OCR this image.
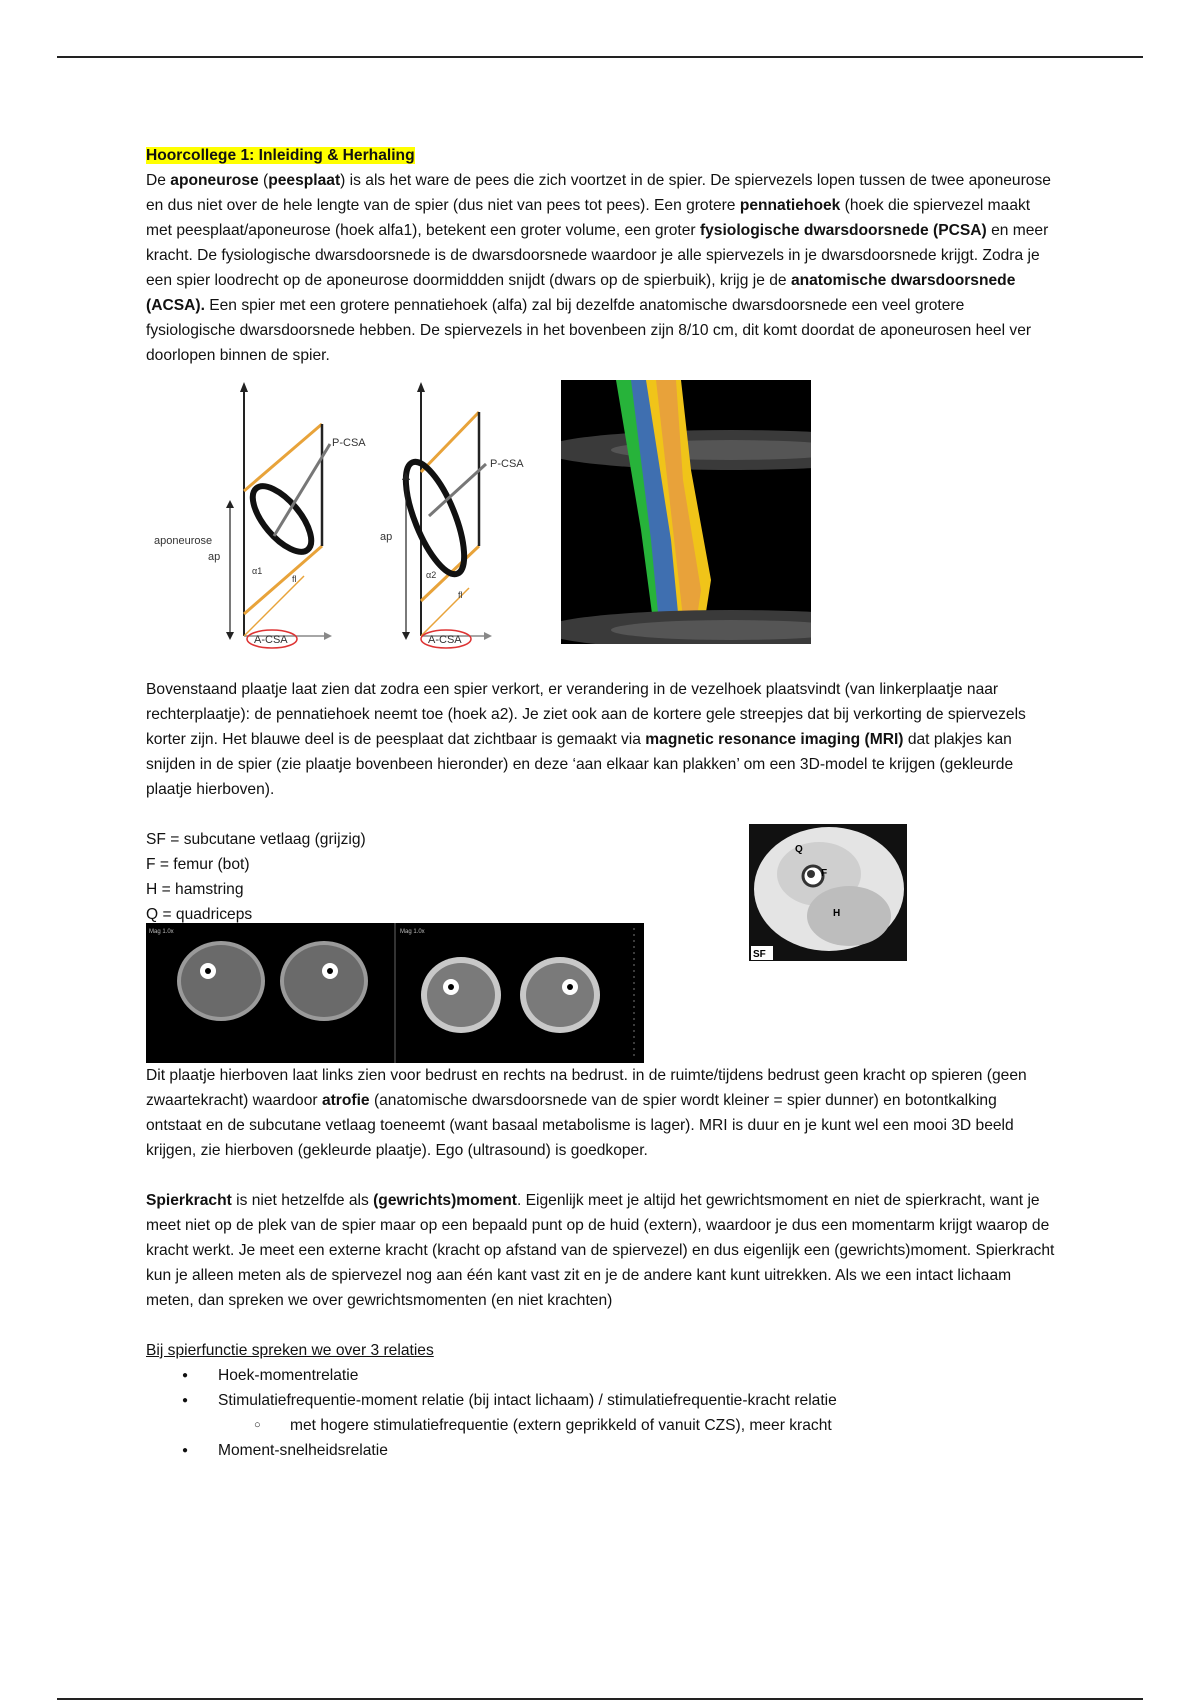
Hoorcollege 1: Inleiding & Herhaling

De aponeurose (peesplaat) is als het ware de pees die zich voortzet in de spier. De spiervezels lopen tussen de twee aponeurose en dus niet over de hele lengte van de spier (dus niet van pees tot pees). Een grotere pennatiehoek (hoek die spiervezel maakt met peesplaat/aponeurose (hoek alfa1), betekent een groter volume, een groter fysiologische dwarsdoorsnede (PCSA) en meer kracht. De fysiologische dwarsdoorsnede is de dwarsdoorsnede waardoor je alle spiervezels in je dwarsdoorsnede krijgt. Zodra je een spier loodrecht op de aponeurose doormiddden snijdt (dwars op de spierbuik), krijg je de anatomische dwarsdoorsnede (ACSA). Een spier met een grotere pennatiehoek (alfa) zal bij dezelfde anatomische dwarsdoorsnede een veel grotere fysiologische dwarsdoorsnede hebben. De spiervezels in het bovenbeen zijn 8/10 cm, dit komt doordat de aponeurosen heel ver doorlopen binnen de spier.

P-CSA
aponeurose
ap
α1
fl
A-CSA
P-CSA
ap
α2
fl
A-CSA

Bovenstaand plaatje laat zien dat zodra een spier verkort, er verandering in de vezelhoek plaatsvindt (van linkerplaatje naar rechterplaatje): de pennatiehoek neemt toe (hoek a2). Je ziet ook aan de kortere gele streepjes dat bij verkorting de spiervezels korter zijn. Het blauwe deel is de peesplaat dat zichtbaar is gemaakt via magnetic resonance imaging (MRI) dat plakjes kan snijden in de spier (zie plaatje bovenbeen hieronder) en deze ‘aan elkaar kan plakken’ om een 3D-model te krijgen (gekleurde plaatje hierboven).

SF = subcutane vetlaag (grijzig)

F = femur (bot)

H = hamstring

Q = quadriceps

Q
F
H
SF
Mag 1.0x	Mag 1.0x

Dit plaatje hierboven laat links zien voor bedrust en rechts na bedrust. in de ruimte/tijdens bedrust geen kracht op spieren (geen zwaartekracht) waardoor atrofie (anatomische dwarsdoorsnede van de spier wordt kleiner = spier dunner) en botontkalking ontstaat en de subcutane vetlaag toeneemt (want basaal metabolisme is lager). MRI is duur en je kunt wel een mooi 3D beeld krijgen, zie hierboven (gekleurde plaatje). Ego (ultrasound) is goedkoper.

Spierkracht is niet hetzelfde als (gewrichts)moment. Eigenlijk meet je altijd het gewrichtsmoment en niet de spierkracht, want je meet niet op de plek van de spier maar op een bepaald punt op de huid (extern), waardoor je dus een momentarm krijgt waarop de kracht werkt. Je meet een externe kracht (kracht op afstand van de spiervezel) en dus eigenlijk een (gewrichts)moment. Spierkracht kun je alleen meten als de spiervezel nog aan één kant vast zit en je de andere kant kunt uitrekken. Als we een intact lichaam meten, dan spreken we over gewrichtsmomenten (en niet krachten)

Bij spierfunctie spreken we over 3 relaties

● Hoek-momentrelatie
● Stimulatiefrequentie-moment relatie (bij intact lichaam) / stimulatiefrequentie-kracht relatie
○ met hogere stimulatiefrequentie (extern geprikkeld of vanuit CZS), meer kracht
● Moment-snelheidsrelatie
